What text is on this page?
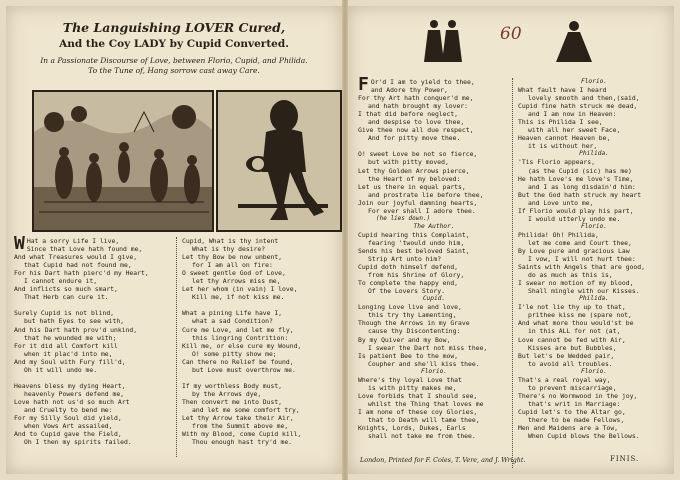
The Languishing LOVER Cured,
And the Coy LADY by Cupid Converted.
In a Passionate Discourse of Love, between Florio, Cupid, and Philida.
To the Tune of, Hang sorrow cast away Care.
W Hat a sorry Life I live,
Since that Love hath found me,
And what Treasures would I give,
that Cupid had not found me,
For his Dart hath pierc'd my Heart,
I cannot endure it,
And inflicts so much smart,
That Herb can cure it.

Surely Cupid is not blind,
but hath Eyes to see with,
And his Dart hath prov'd unkind,
that he wounded me with;
For it did all Comfort kill
when it plac'd into me,
And my Soul with Fury fill'd,
Oh it will undo me.

Heavens bless my dying Heart,
heavenly Powers defend me,
Love hath not us'd so much Art
and Cruelty to bend me:
For my Silly Soul did yield,
when Vows Art assailed,
And to Cupid gave the Field,
Oh I then my spirits failed.
Cupid, What is thy intent
What is thy desire?
Let thy Bow be now unbent,
for I am all on fire:
O sweet gentle God of Love,
let thy Arrows miss me,
Let her whom (in vain) I love,
Kill me, if not kiss me.

What a pining Life have I,
what a sad Condition?
Cure me Love, and let me fly,
this lingring Contrition:
Kill me, or else cure my Wound,
O! some pitty show me;
Can there no Relief be found,
but Love must overthrow me.

If my worthless Body must,
by the Arrows dye,
Then convert me into Dust,
and let me some comfort try,
Let thy Arrow take their Air,
from the Summit above me,
With my Blood, come Cupid kill,
Thou enough hast try'd me.
60
F Or'd I am to yield to thee,
and Adore thy Power,
For thy Art hath conquer'd me,
and hath brought my lover:
I that did before neglect,
and despise to love thee,
Give thee now all due respect,
And for pitty move thee.

O! sweet Love be not so fierce,
but with pitty moved,
Let thy Golden Arrows pierce,
the Heart of my beloved:
Let us there in equal parts,
and prostrate lie before thee,
Join our joyful damning hearts,
For ever shall I adore thee.
(he lies down.)
The Author.
Cupid hearing this Complaint,
fearing 'twould undo him,
Sends his best beloved Saint,
Strip Art unto him?
Cupid doth himself defend,
from his Shrine of Glory,
To complete the happy end,
Of the Lovers Story.
Cupid.
Longing Love live and love,
this try thy Lamenting,
Though the Arrows in my Grave
cause thy Discontenting:
By my Quiver and my Bow,
I swear the Dart not miss thee,
Is patient Bee to the mow,
Coupher and she'll kiss thee.
Florio.
Where's thy loyal Love that
is with pitty makes me,
Love forbids that I should see,
whilst the Thing that loves me
I am none of these coy Glories,
that to Death will tame thee,
Knights, Lords, Dukes, Earls
shall not take me from thee.
Florio.
What fault have I heard
lovely smooth and then,(said,
Cupid fine hath struck me dead,
and I am now in Heaven:
This is Philida I see,
with all her sweet Face,
Heaven cannot Heaven be,
it is without her,
Philida.
'Tis Florio appears,
(as the Cupid (sic) has me)
He hath Love's me love's Time,
and I as long disdain'd him:
But the God hath struck my heart
and Love unto me,
If Florio would play his part,
I would utterly undo me.
Florio.
Philida! Oh! Philida,
let me come and Court thee,
By Love pure and gracious Law
I vow, I will not hurt thee:
Saints with Angels that are good,
do as much as this is,
I swear no motion of my blood,
Shall mingle with our Kisses.
Philida.
I'le not lie thy up to that,
prithee kiss me (spare not,
And what more thou would'st be
in this ALL for not (at,
Love cannot be fed with Air,
Kisses are but Bubbles,
But let's be Wedded pair,
to avoid all troubles.
Florio.
That's a real royal way,
to prevent miscarriage,
There's no Wormwood in the joy,
that's writ in Marriage:
Cupid let's to the Altar go,
there to be made Fellows,
Men and Maidens are a Tow,
When Cupid blows the Bellows.
London, Printed for F. Coles, T. Vere, and J. Wright.	FINIS.
